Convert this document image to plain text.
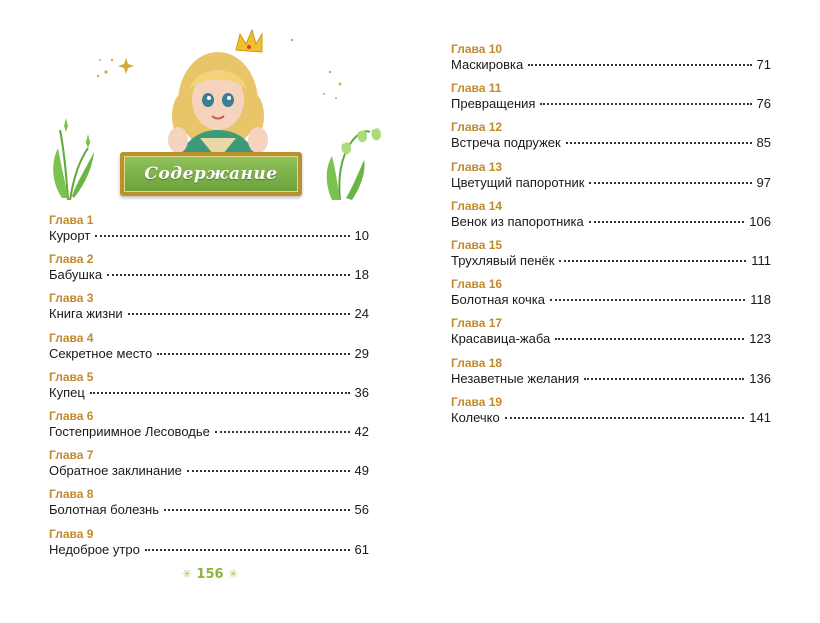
Содержание
Глава 1
Курорт	10
Глава 2
Бабушка	18
Глава 3
Книга жизни	24
Глава 4
Секретное место	29
Глава 5
Купец	36
Глава 6
Гостеприимное Лесоводье	42
Глава 7
Обратное заклинание	49
Глава 8
Болотная болезнь	56
Глава 9
Недоброе утро	61
Глава 10
Маскировка	71
Глава 11
Превращения	76
Глава 12
Встреча подружек	85
Глава 13
Цветущий папоротник	97
Глава 14
Венок из папоротника	106
Глава 15
Трухлявый пенёк	111
Глава 16
Болотная кочка	118
Глава 17
Красавица-жаба	123
Глава 18
Незаветные желания	136
Глава 19
Колечко	141
✳ 156 ✳
